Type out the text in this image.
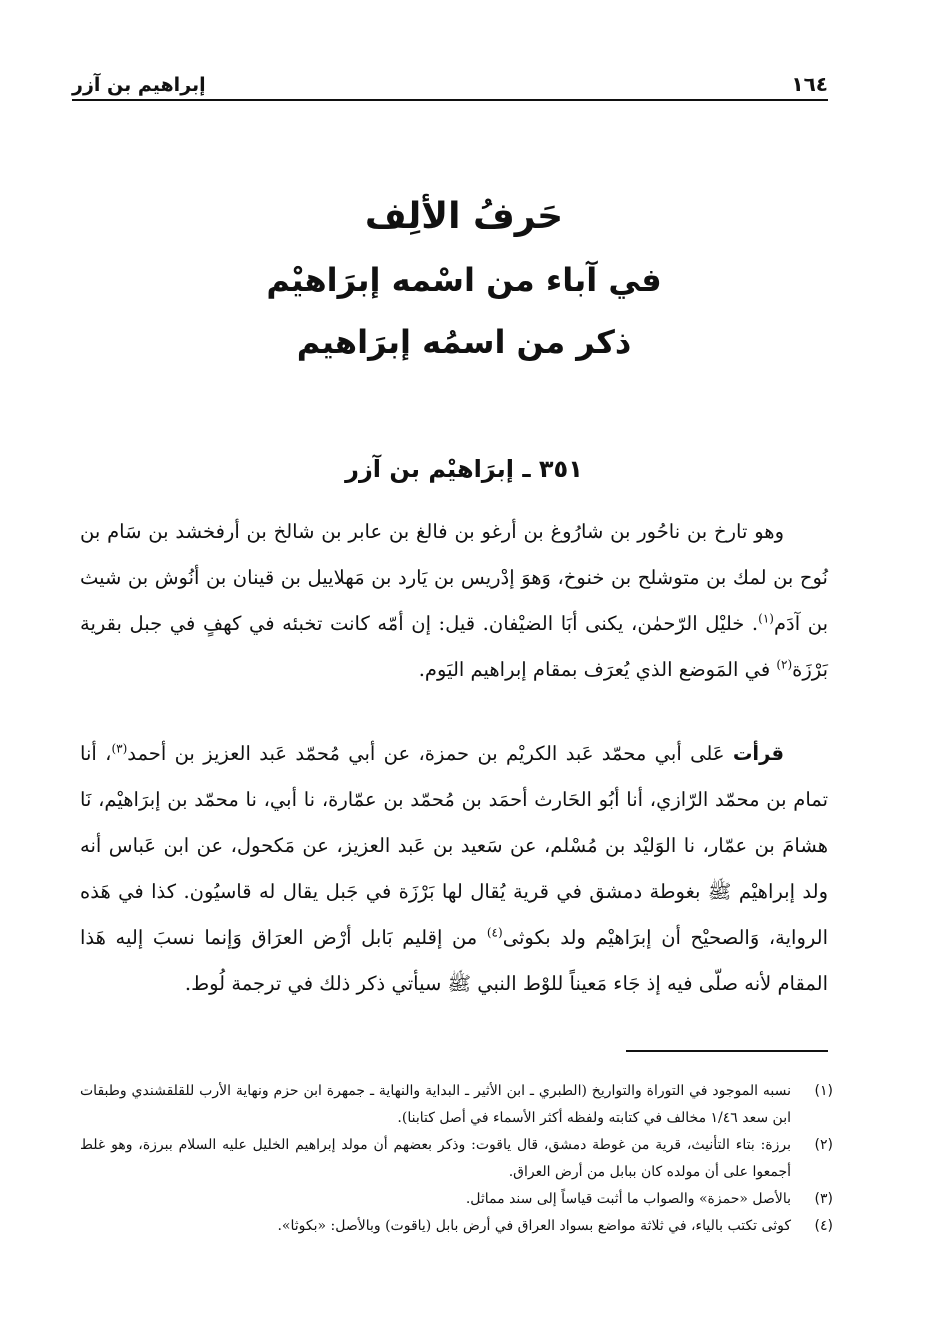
إبراهيم بن آزر	١٦٤
حَرفُ الألِف
في آباء من اسْمه إبرَاهيْم
ذكر من اسمُه إبرَاهيم
٣٥١ ـ إبرَاهيْم بن آزر
وهو تارخ بن ناحُور بن شارُوغ بن أرغو بن فالغ بن عابر بن شالخ بن أرفخشد بن سَام بن نُوح بن لمك بن متوشلح بن خنوخ، وَهوَ إدْريس بن يَارد بن مَهلاييل بن قينان بن أنُوش بن شيث بن آدَم$^{(١)}$. خليْل الرّحمٰن، يكنى أبَا الضيْفان. قيل: إن أمّه كانت تخبئه في كهفٍ في جبل بقرية بَرْزَة$^{(٢)}$ في المَوضع الذي يُعرَف بمقام إبراهيم اليَوم.
قرأت عَلى أبي محمّد عَبد الكريْم بن حمزة، عن أبي مُحمّد عَبد العزيز بن أحمد$^{(٣)}$، أنا تمام بن محمّد الرّازي، أنا أبُو الحَارث أحمَد بن مُحمّد بن عمّارة، نا أبي، نا محمّد بن إبرَاهيْم، نَا هشامَ بن عمّار، نا الوَليْد بن مُسْلم، عن سَعيد بن عَبد العزيز، عن مَكحول، عن ابن عَباس أنه ولد إبراهيْم ﷺ بغوطة دمشق في قرية يُقال لها بَرْزَة في جَبل يقال له قاسيُون. كذا في هَذه الرواية، وَالصحيْح أن إبرَاهيْم ولد بكوثى$^{(٤)}$ من إقليم بَابل أرْض العرَاق وَإنما نسبَ إليه هَذا المقام لأنه صلّى فيه إذ جَاء مَعيناً للوْط النبي ﷺ سيأتي ذكر ذلك في ترجمة لُوط.
(١)
نسبه الموجود في التوراة والتواريخ (الطبري ـ ابن الأثير ـ البداية والنهاية ـ جمهرة ابن حزم ونهاية الأرب للقلقشندي وطبقات ابن سعد ١/٤٦ مخالف في كتابته ولفظه أكثر الأسماء في أصل كتابنا).
(٢)
برزة: بتاء التأنيث، قرية من غوطة دمشق، قال ياقوت: وذكر بعضهم أن مولد إبراهيم الخليل عليه السلام ببرزة، وهو غلط أجمعوا على أن مولده كان ببابل من أرض العراق.
(٣)
بالأصل «حمزة» والصواب ما أثبت قياساً إلى سند مماثل.
(٤)
كوثى تكتب بالياء، في ثلاثة مواضع بسواد العراق في أرض بابل (ياقوت) وبالأصل: «بكوثا».
